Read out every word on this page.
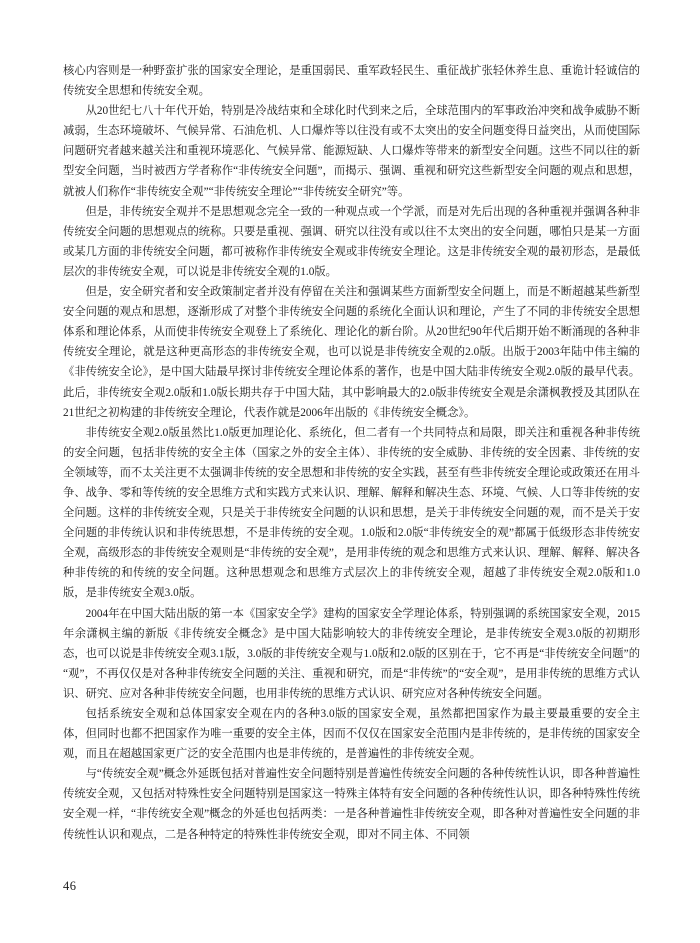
核心内容则是一种野蛮扩张的国家安全理论，是重国弱民、重军政轻民生、重征战扩张轻休养生息、重诡计轻诚信的传统安全思想和传统安全观。

从20世纪七八十年代开始，特别是冷战结束和全球化时代到来之后，全球范围内的军事政治冲突和战争威胁不断减弱，生态环境破坏、气候异常、石油危机、人口爆炸等以往没有或不太突出的安全问题变得日益突出，从而使国际问题研究者越来越关注和重视环境恶化、气候异常、能源短缺、人口爆炸等带来的新型安全问题。这些不同以往的新型安全问题，当时被西方学者称作“非传统安全问题”，而揭示、强调、重视和研究这些新型安全问题的观点和思想，就被人们称作“非传统安全观”“非传统安全理论”“非传统安全研究”等。

但是，非传统安全观并不是思想观念完全一致的一种观点或一个学派，而是对先后出现的各种重视并强调各种非传统安全问题的思想观点的统称。只要是重视、强调、研究以往没有或以往不太突出的安全问题，哪怕只是某一方面或某几方面的非传统安全问题，都可被称作非传统安全观或非传统安全理论。这是非传统安全观的最初形态，是最低层次的非传统安全观，可以说是非传统安全观的1.0版。

但是，安全研究者和安全政策制定者并没有停留在关注和强调某些方面新型安全问题上，而是不断超越某些新型安全问题的观点和思想，逐渐形成了对整个非传统安全问题的系统化全面认识和理论，产生了不同的非传统安全思想体系和理论体系，从而使非传统安全观登上了系统化、理论化的新台阶。从20世纪90年代后期开始不断涌现的各种非传统安全理论，就是这种更高形态的非传统安全观，也可以说是非传统安全观的2.0版。出版于2003年陆中伟主编的《非传统安全论》，是中国大陆最早探讨非传统安全理论体系的著作，也是中国大陆非传统安全观2.0版的最早代表。此后，非传统安全观2.0版和1.0版长期共存于中国大陆，其中影响最大的2.0版非传统安全观是余潇枫教授及其团队在21世纪之初构建的非传统安全理论，代表作就是2006年出版的《非传统安全概念》。

非传统安全观2.0版虽然比1.0版更加理论化、系统化，但二者有一个共同特点和局限，即关注和重视各种非传统的安全问题，包括非传统的安全主体（国家之外的安全主体）、非传统的安全威胁、非传统的安全因素、非传统的安全领域等，而不太关注更不太强调非传统的安全思想和非传统的安全实践，甚至有些非传统安全理论或政策还在用斗争、战争、零和等传统的安全思维方式和实践方式来认识、理解、解释和解决生态、环境、气候、人口等非传统的安全问题。这样的非传统安全观，只是关于非传统安全问题的认识和思想，是关于非传统安全问题的观，而不是关于安全问题的非传统认识和非传统思想，不是非传统的安全观。1.0版和2.0版“非传统安全的观”都属于低级形态非传统安全观，高级形态的非传统安全观则是“非传统的安全观”，是用非传统的观念和思维方式来认识、理解、解释、解决各种非传统的和传统的安全问题。这种思想观念和思维方式层次上的非传统安全观，超越了非传统安全观2.0版和1.0版，是非传统安全观3.0版。

2004年在中国大陆出版的第一本《国家安全学》建构的国家安全学理论体系，特别强调的系统国家安全观，2015年余潇枫主编的新版《非传统安全概念》是中国大陆影响较大的非传统安全理论，是非传统安全观3.0版的初期形态，也可以说是非传统安全观3.1版，3.0版的非传统安全观与1.0版和2.0版的区别在于，它不再是“非传统安全问题”的“观”，不再仅仅是对各种非传统安全问题的关注、重视和研究，而是“非传统”的“安全观”，是用非传统的思维方式认识、研究、应对各种非传统安全问题，也用非传统的思维方式认识、研究应对各种传统安全问题。

包括系统安全观和总体国家安全观在内的各种3.0版的国家安全观，虽然都把国家作为最主要最重要的安全主体，但同时也都不把国家作为唯一重要的安全主体，因而不仅仅在国家安全范围内是非传统的，是非传统的国家安全观，而且在超越国家更广泛的安全范围内也是非传统的，是普遍性的非传统安全观。

与“传统安全观”概念外延既包括对普遍性安全问题特别是普遍性传统安全问题的各种传统性认识，即各种普遍性传统安全观，又包括对特殊性安全问题特别是国家这一特殊主体特有安全问题的各种传统性认识，即各种特殊性传统安全观一样，“非传统安全观”概念的外延也包括两类：一是各种普遍性非传统安全观，即各种对普遍性安全问题的非传统性认识和观点，二是各种特定的特殊性非传统安全观，即对不同主体、不同领

46
